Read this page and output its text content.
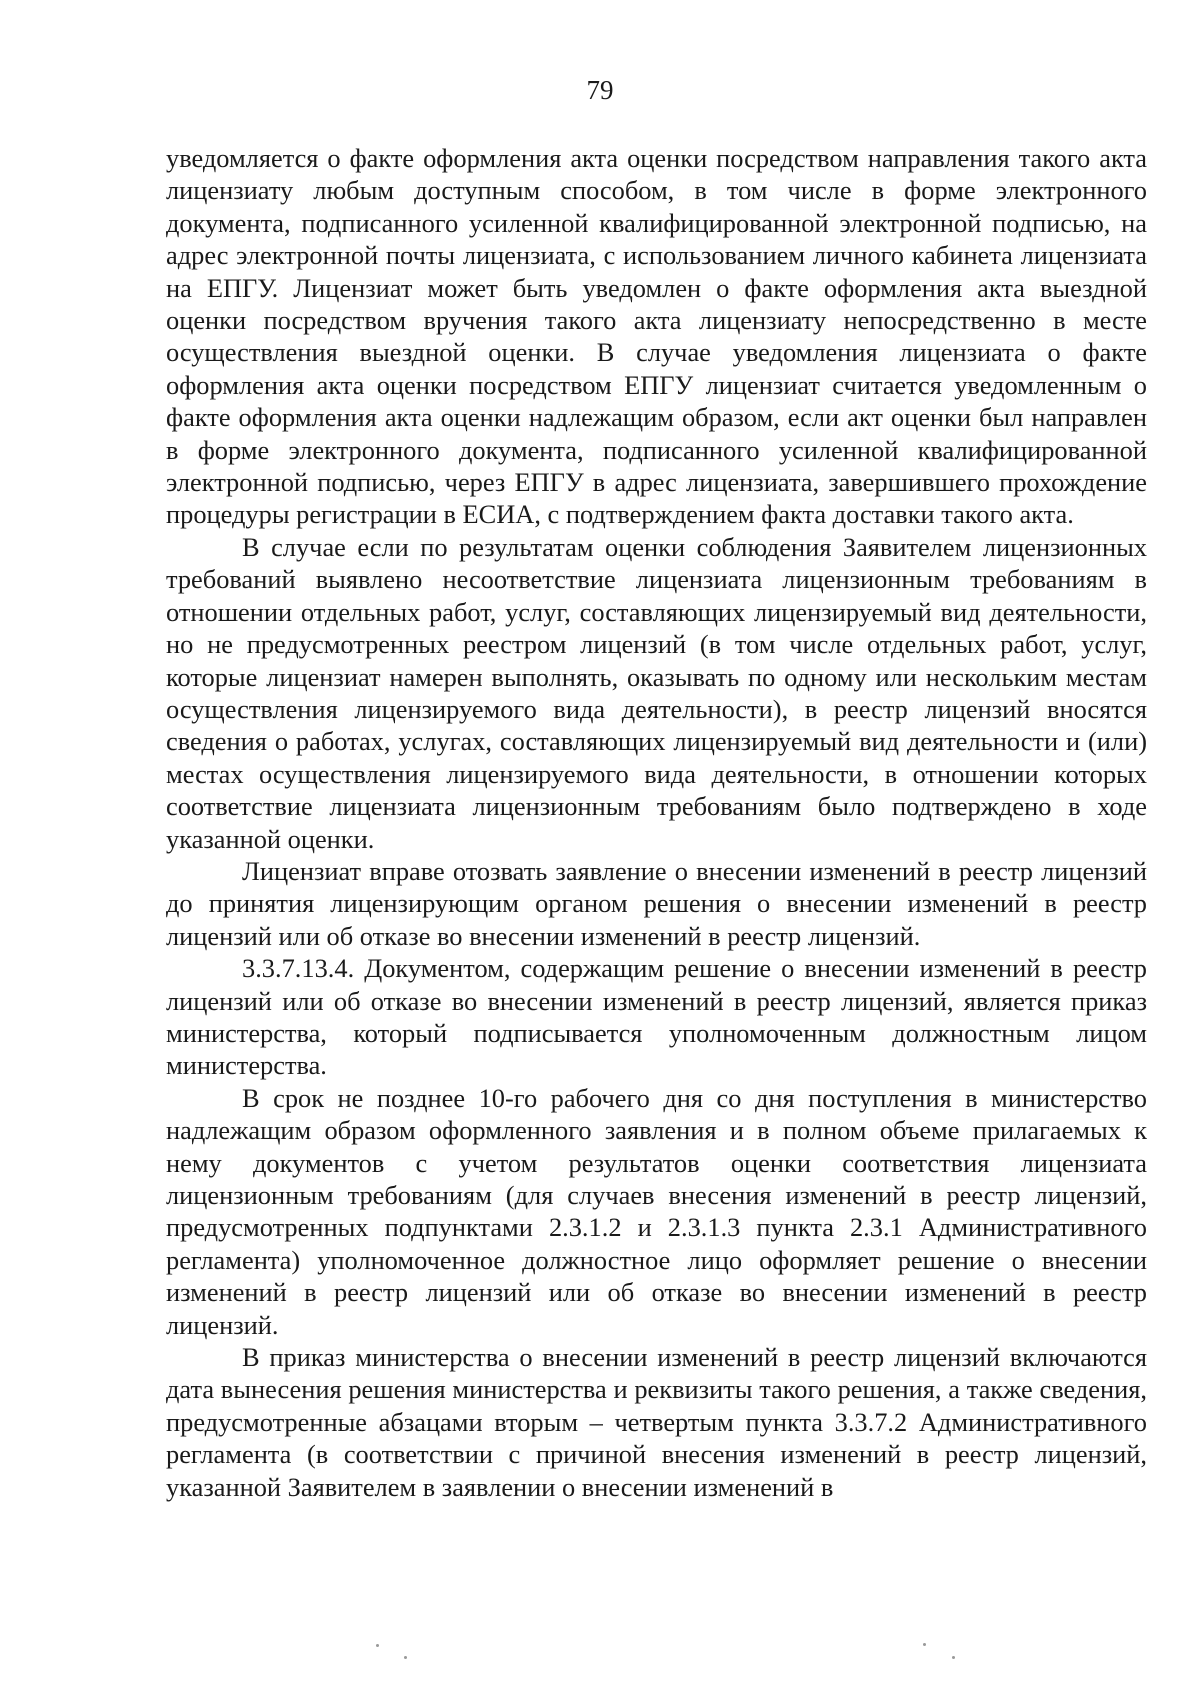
79

уведомляется о факте оформления акта оценки посредством направления такого акта лицензиату любым доступным способом, в том числе в форме электронного документа, подписанного усиленной квалифицированной электронной подписью, на адрес электронной почты лицензиата, с использованием личного кабинета лицензиата на ЕПГУ. Лицензиат может быть уведомлен о факте оформления акта выездной оценки посредством вручения такого акта лицензиату непосредственно в месте осуществления выездной оценки. В случае уведомления лицензиата о факте оформления акта оценки посредством ЕПГУ лицензиат считается уведомленным о факте оформления акта оценки надлежащим образом, если акт оценки был направлен в форме электронного документа, подписанного усиленной квалифицированной электронной подписью, через ЕПГУ в адрес лицензиата, завершившего прохождение процедуры регистрации в ЕСИА, с подтверждением факта доставки такого акта.

В случае если по результатам оценки соблюдения Заявителем лицензионных требований выявлено несоответствие лицензиата лицензионным требованиям в отношении отдельных работ, услуг, составляющих лицензируемый вид деятельности, но не предусмотренных реестром лицензий (в том числе отдельных работ, услуг, которые лицензиат намерен выполнять, оказывать по одному или нескольким местам осуществления лицензируемого вида деятельности), в реестр лицензий вносятся сведения о работах, услугах, составляющих лицензируемый вид деятельности и (или) местах осуществления лицензируемого вида деятельности, в отношении которых соответствие лицензиата лицензионным требованиям было подтверждено в ходе указанной оценки.

Лицензиат вправе отозвать заявление о внесении изменений в реестр лицензий до принятия лицензирующим органом решения о внесении изменений в реестр лицензий или об отказе во внесении изменений в реестр лицензий.

3.3.7.13.4. Документом, содержащим решение о внесении изменений в реестр лицензий или об отказе во внесении изменений в реестр лицензий, является приказ министерства, который подписывается уполномоченным должностным лицом министерства.

В срок не позднее 10-го рабочего дня со дня поступления в министерство надлежащим образом оформленного заявления и в полном объеме прилагаемых к нему документов с учетом результатов оценки соответствия лицензиата лицензионным требованиям (для случаев внесения изменений в реестр лицензий, предусмотренных подпунктами 2.3.1.2 и 2.3.1.3 пункта 2.3.1 Административного регламента) уполномоченное должностное лицо оформляет решение о внесении изменений в реестр лицензий или об отказе во внесении изменений в реестр лицензий.

В приказ министерства о внесении изменений в реестр лицензий включаются дата вынесения решения министерства и реквизиты такого решения, а также сведения, предусмотренные абзацами вторым – четвертым пункта 3.3.7.2 Административного регламента (в соответствии с причиной внесения изменений в реестр лицензий, указанной Заявителем в заявлении о внесении изменений в
